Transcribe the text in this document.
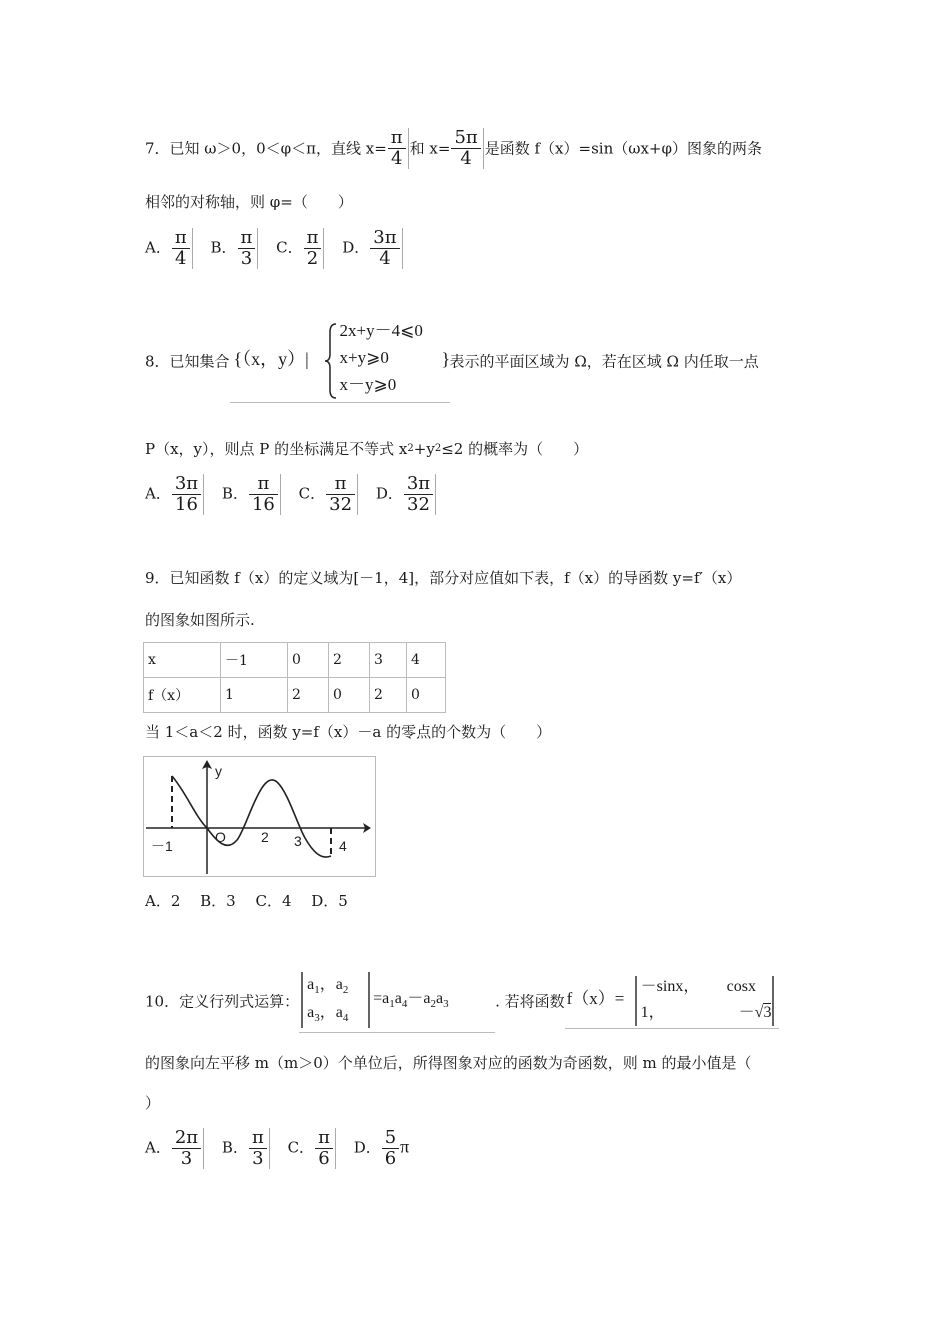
7．已知 ω＞0，0＜φ＜π，直线 $x= \frac{\pi}{4}$ 和 $x= \frac{5\pi}{4}$ 是函数 f（x）=sin（ωx+φ）图象的两条
相邻的对称轴，则 φ=（　　）
A． $\frac{\pi}{4}$ B． $\frac{\pi}{3}$ C． $\frac{\pi}{2}$ D． $\frac{3\pi}{4}$
8．已知集合 {（x，y）|
2x+y－4⩽0
x+y⩾0
x－y⩾0
} 表示的平面区域为 Ω，若在区域 Ω 内任取一点
P（x，y），则点 P 的坐标满足不等式 x2+y2≤2 的概率为（　　）
A． $\frac{3\pi}{16}$ B． $\frac{\pi}{16}$ C． $\frac{\pi}{32}$ D． $\frac{3\pi}{32}$
9．已知函数 f（x）的定义域为[－1，4]，部分对应值如下表，f（x）的导函数 y=f′（x）
的图象如图所示.
x	－1	0	2	3	4
f（x）	1	2	0	2	0
当 1＜a＜2 时，函数 y=f（x）－a 的零点的个数为（　　）
y
O	2 3
－1	4
A．2　 B．3　 C．4　 D．5
10．定义行列式运算：
$a_1$，$a_2$
$a_3$，$a_4$
$=a_1a_4-a_2a_3$	. 若将函数 f（x）=
－sinx， cosx
1，	－√3
的图象向左平移 m（m＞0）个单位后，所得图象对应的函数为奇函数，则 m 的最小值是（
）
A． $\frac{2\pi}{3}$ B． $\frac{\pi}{3}$ C． $\frac{\pi}{6}$ D． $\frac{5}{6}$ π
